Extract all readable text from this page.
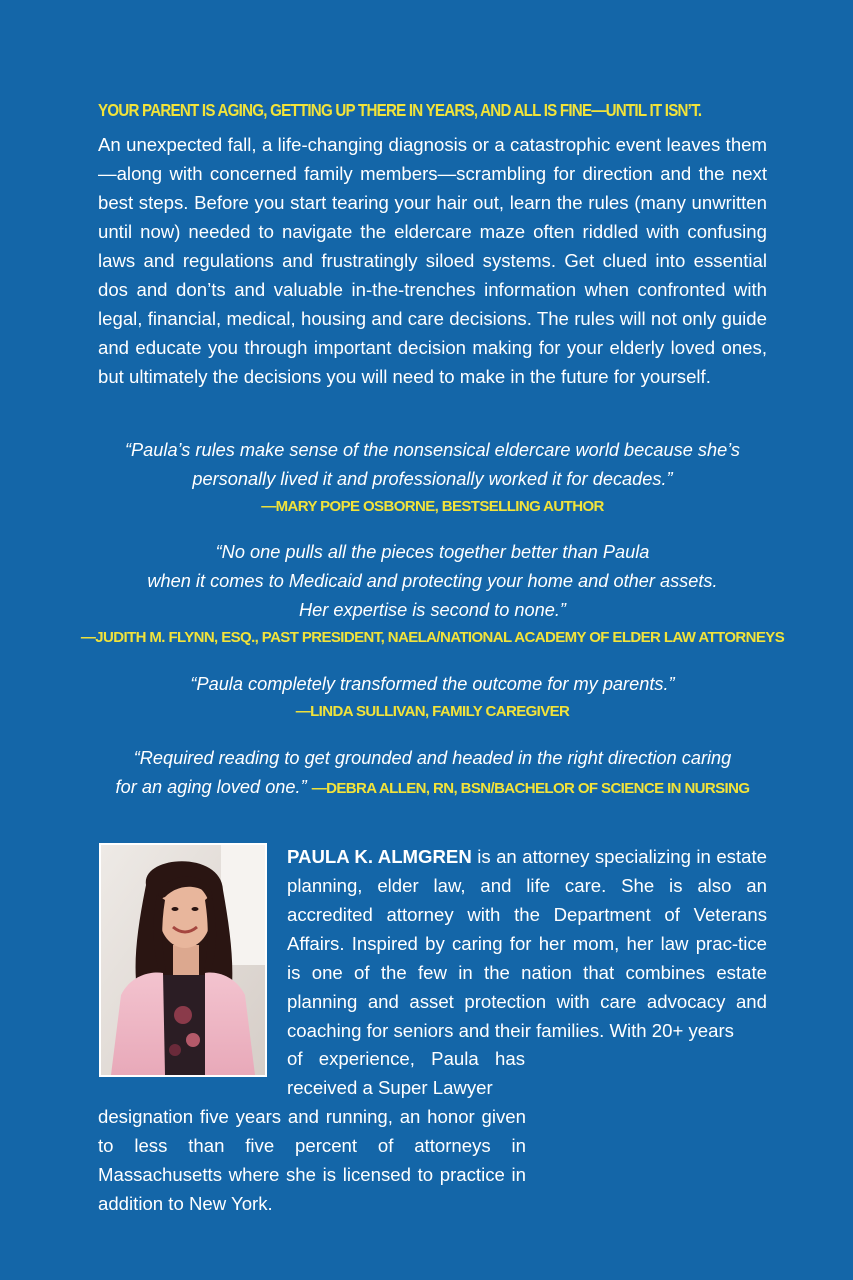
YOUR PARENT IS AGING, GETTING UP THERE IN YEARS, AND ALL IS FINE—UNTIL IT ISN’T.

An unexpected fall, a life-changing diagnosis or a catastrophic event leaves them—along with concerned family members—scrambling for direction and the next best steps. Before you start tearing your hair out, learn the rules (many unwritten until now) needed to navigate the eldercare maze often riddled with confusing laws and regulations and frustratingly siloed systems. Get clued into essential dos and don’ts and valuable in-the-trenches information when confronted with legal, financial, medical, housing and care decisions. The rules will not only guide and educate you through important decision making for your elderly loved ones, but ultimately the decisions you will need to make in the future for yourself.

“Paula’s rules make sense of the nonsensical eldercare world because she’s
personally lived it and professionally worked it for decades.”

—MARY POPE OSBORNE, BESTSELLING AUTHOR

“No one pulls all the pieces together better than Paula
when it comes to Medicaid and protecting your home and other assets.
Her expertise is second to none.”

—JUDITH M. FLYNN, ESQ., PAST PRESIDENT, NAELA/NATIONAL ACADEMY OF ELDER LAW ATTORNEYS

“Paula completely transformed the outcome for my parents.”

—LINDA SULLIVAN, FAMILY CAREGIVER

“Required reading to get grounded and headed in the right direction caring
for an aging loved one.” —DEBRA ALLEN, RN, BSN/BACHELOR OF SCIENCE IN NURSING

PAULA K. ALMGREN is an attorney specializing in estate planning, elder law, and life care. She is also an accredited attorney with the Department of Veterans Affairs. Inspired by caring for her mom, her law prac-tice is one of the few in the nation that combines estate planning and asset protection with care advocacy and coaching for seniors and their families. With 20+ years

of experience, Paula has received a Super Lawyer

designation five years and running, an honor given to less than five percent of attorneys in Massachusetts where she is licensed to practice in addition to New York.
